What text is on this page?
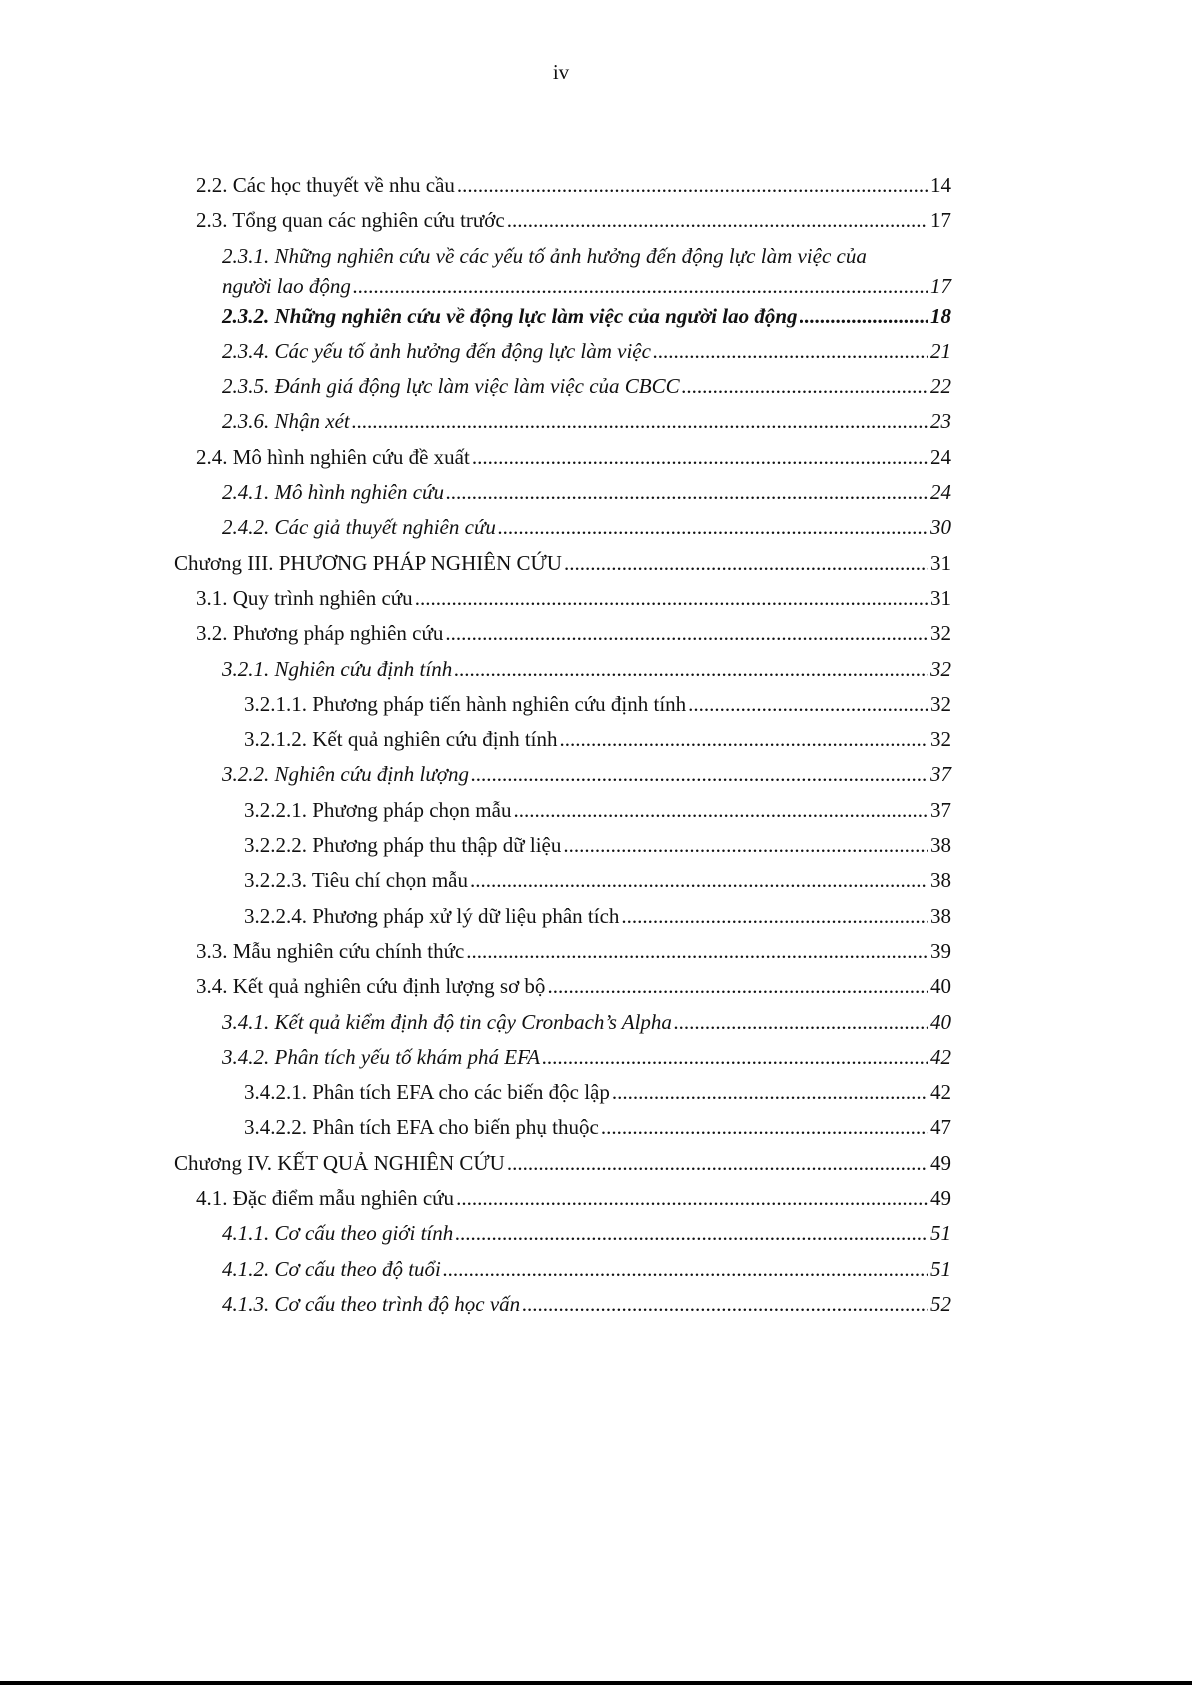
iv
2.2. Các học thuyết về nhu cầu .....	14
2.3. Tổng quan các nghiên cứu trước .....	17
2.3.1. Những nghiên cứu về các yếu tố ảnh hưởng đến động lực làm việc của
người lao động .....	17
2.3.2. Những nghiên cứu về động lực làm việc của người lao động .....	18
2.3.4. Các yếu tố ảnh hưởng đến động lực làm việc .....	21
2.3.5. Đánh giá động lực làm việc làm việc của CBCC .....	22
2.3.6. Nhận xét .....	23
2.4. Mô hình nghiên cứu đề xuất .....	24
2.4.1. Mô hình nghiên cứu .....	24
2.4.2. Các giả thuyết nghiên cứu .....	30
Chương III. PHƯƠNG PHÁP NGHIÊN CỨU .....	31
3.1. Quy trình nghiên cứu .....	31
3.2. Phương pháp nghiên cứu .....	32
3.2.1. Nghiên cứu định tính .....	32
3.2.1.1. Phương pháp tiến hành nghiên cứu định tính .....	32
3.2.1.2. Kết quả nghiên cứu định tính .....	32
3.2.2. Nghiên cứu định lượng .....	37
3.2.2.1. Phương pháp chọn mẫu .....	37
3.2.2.2. Phương pháp thu thập dữ liệu .....	38
3.2.2.3. Tiêu chí chọn mẫu .....	38
3.2.2.4. Phương pháp xử lý dữ liệu phân tích .....	38
3.3. Mẫu nghiên cứu chính thức .....	39
3.4. Kết quả nghiên cứu định lượng sơ bộ .....	40
3.4.1. Kết quả kiểm định độ tin cậy Cronbach’s Alpha .....	40
3.4.2. Phân tích yếu tố khám phá EFA .....	42
3.4.2.1. Phân tích EFA cho các biến độc lập .....	42
3.4.2.2. Phân tích EFA cho biến phụ thuộc .....	47
Chương IV. KẾT QUẢ NGHIÊN CỨU .....	49
4.1. Đặc điểm mẫu nghiên cứu .....	49
4.1.1. Cơ cấu theo giới tính .....	51
4.1.2. Cơ cấu theo độ tuổi .....	51
4.1.3. Cơ cấu theo trình độ học vấn .....	52
